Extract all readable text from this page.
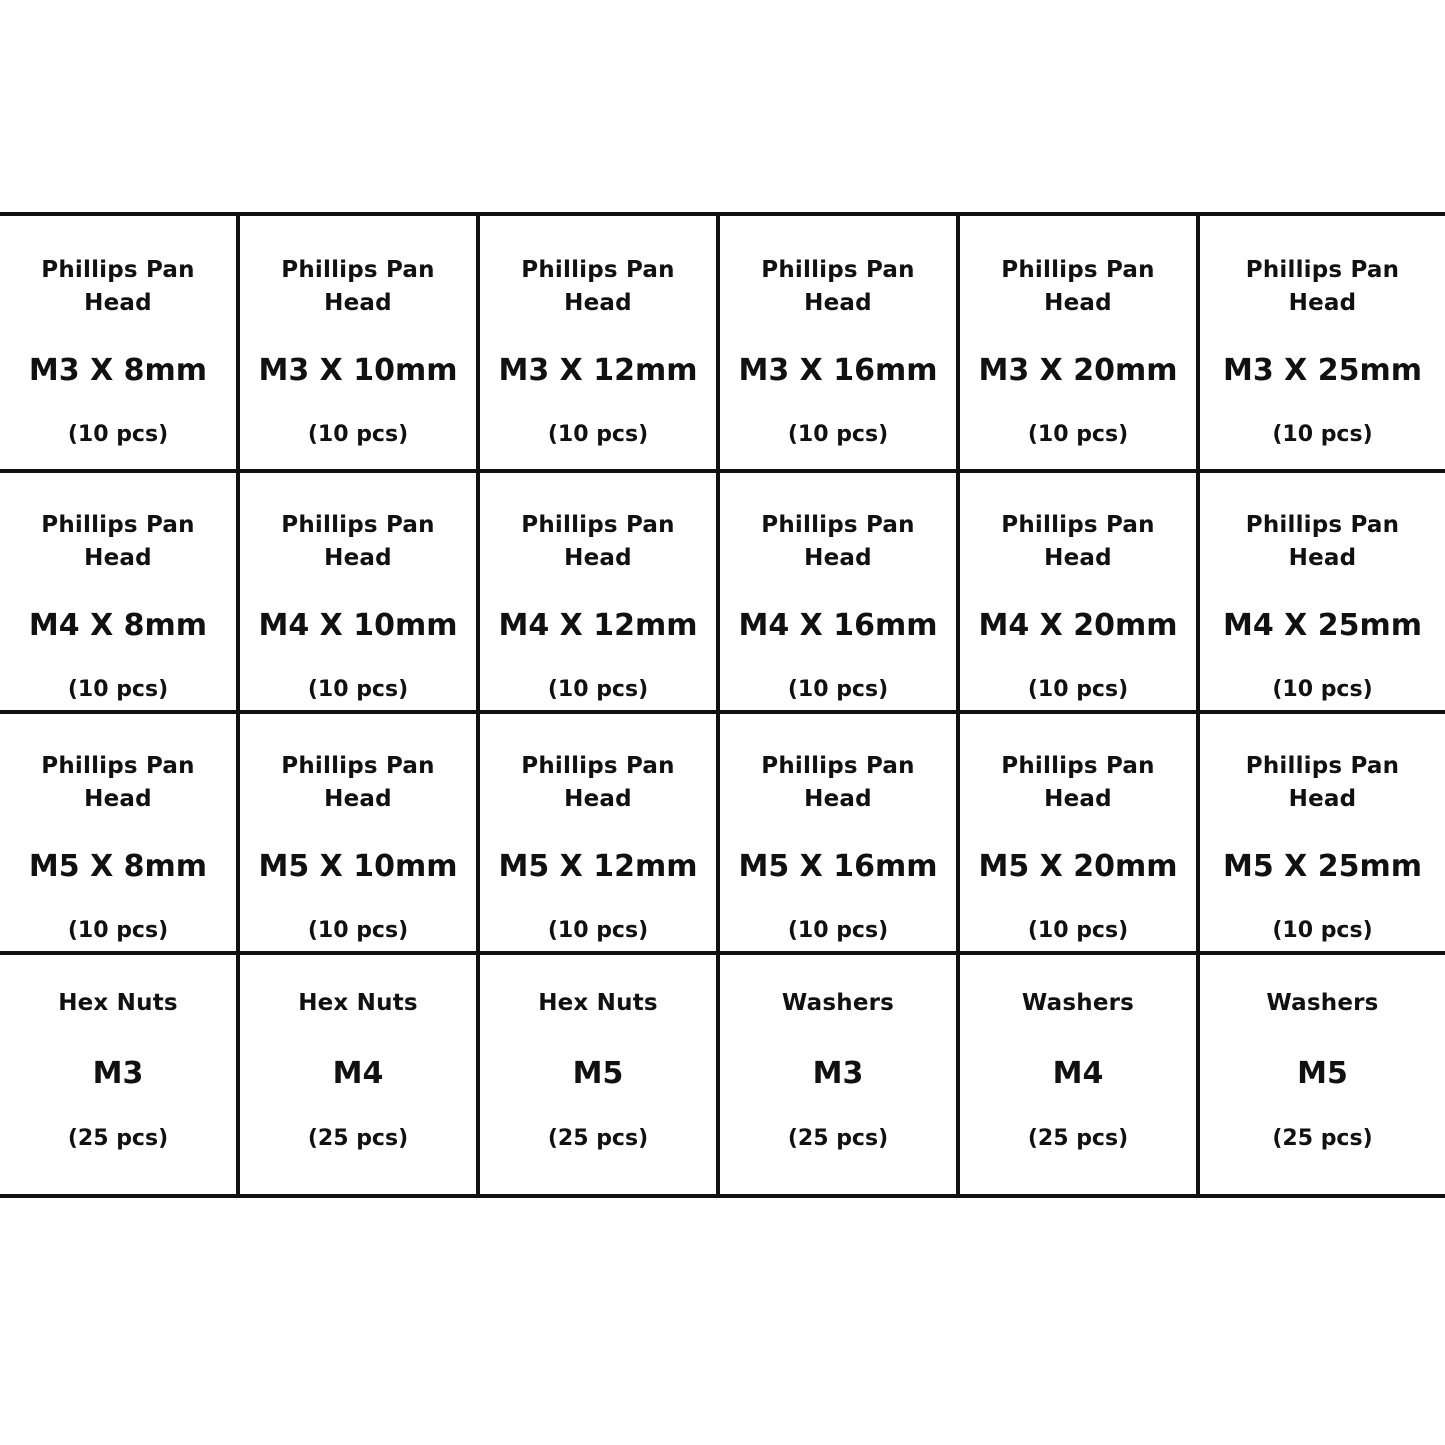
Phillips Pan
Head
M3 X 8mm
(10 pcs)
Phillips Pan
Head
M3 X 10mm
(10 pcs)
Phillips Pan
Head
M3 X 12mm
(10 pcs)
Phillips Pan
Head
M3 X 16mm
(10 pcs)
Phillips Pan
Head
M3 X 20mm
(10 pcs)
Phillips Pan
Head
M3 X 25mm
(10 pcs)
Phillips Pan
Head
M4 X 8mm
(10 pcs)
Phillips Pan
Head
M4 X 10mm
(10 pcs)
Phillips Pan
Head
M4 X 12mm
(10 pcs)
Phillips Pan
Head
M4 X 16mm
(10 pcs)
Phillips Pan
Head
M4 X 20mm
(10 pcs)
Phillips Pan
Head
M4 X 25mm
(10 pcs)
Phillips Pan
Head
M5 X 8mm
(10 pcs)
Phillips Pan
Head
M5 X 10mm
(10 pcs)
Phillips Pan
Head
M5 X 12mm
(10 pcs)
Phillips Pan
Head
M5 X 16mm
(10 pcs)
Phillips Pan
Head
M5 X 20mm
(10 pcs)
Phillips Pan
Head
M5 X 25mm
(10 pcs)
Hex Nuts
M3
(25 pcs)
Hex Nuts
M4
(25 pcs)
Hex Nuts
M5
(25 pcs)
Washers
M3
(25 pcs)
Washers
M4
(25 pcs)
Washers
M5
(25 pcs)
